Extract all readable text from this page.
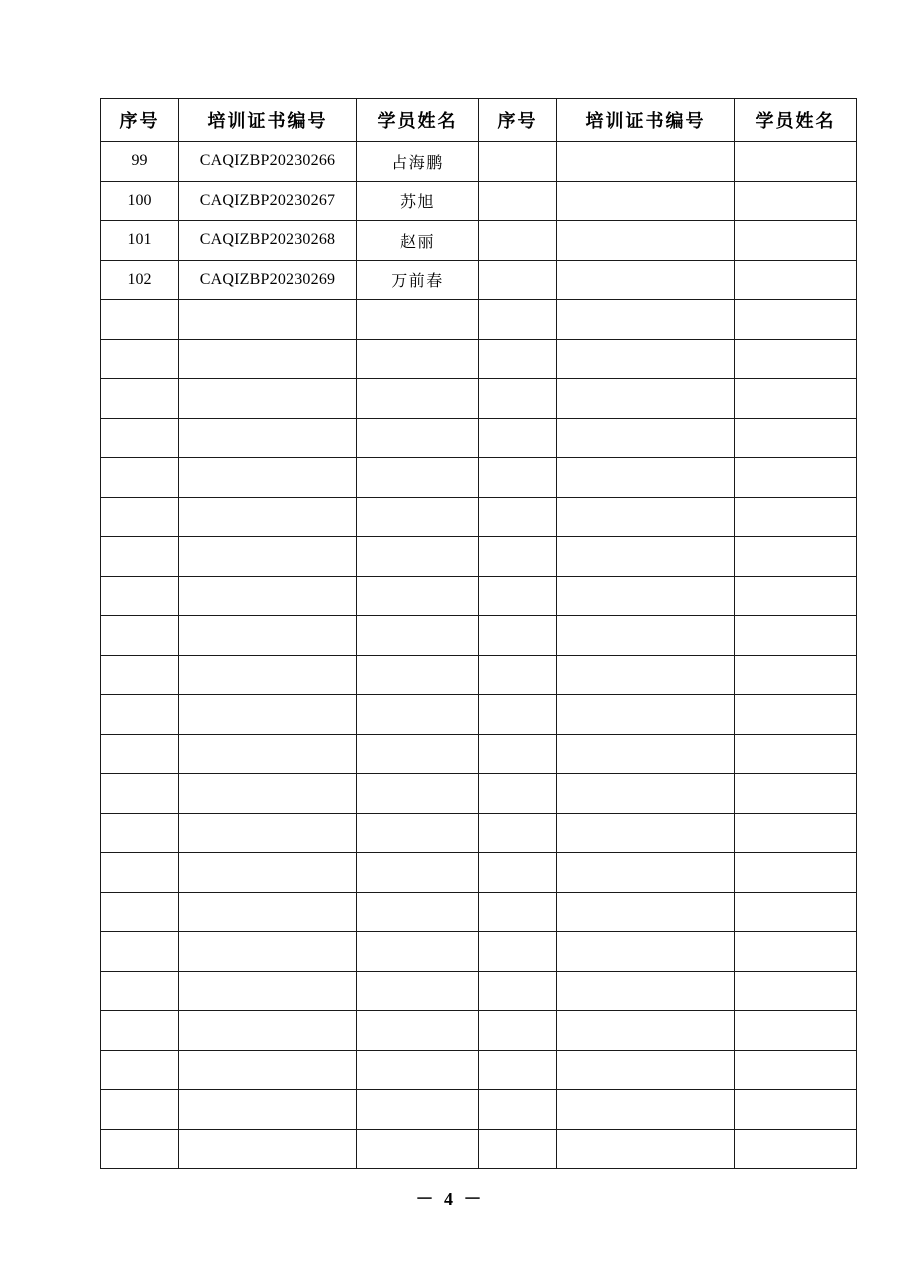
序号	培训证书编号	学员姓名	序号	培训证书编号	学员姓名
99	CAQIZBP20230266	占海鹏			
100	CAQIZBP20230267	苏旭			
101	CAQIZBP20230268	赵丽			
102	CAQIZBP20230269	万前春			

－ 4 －
